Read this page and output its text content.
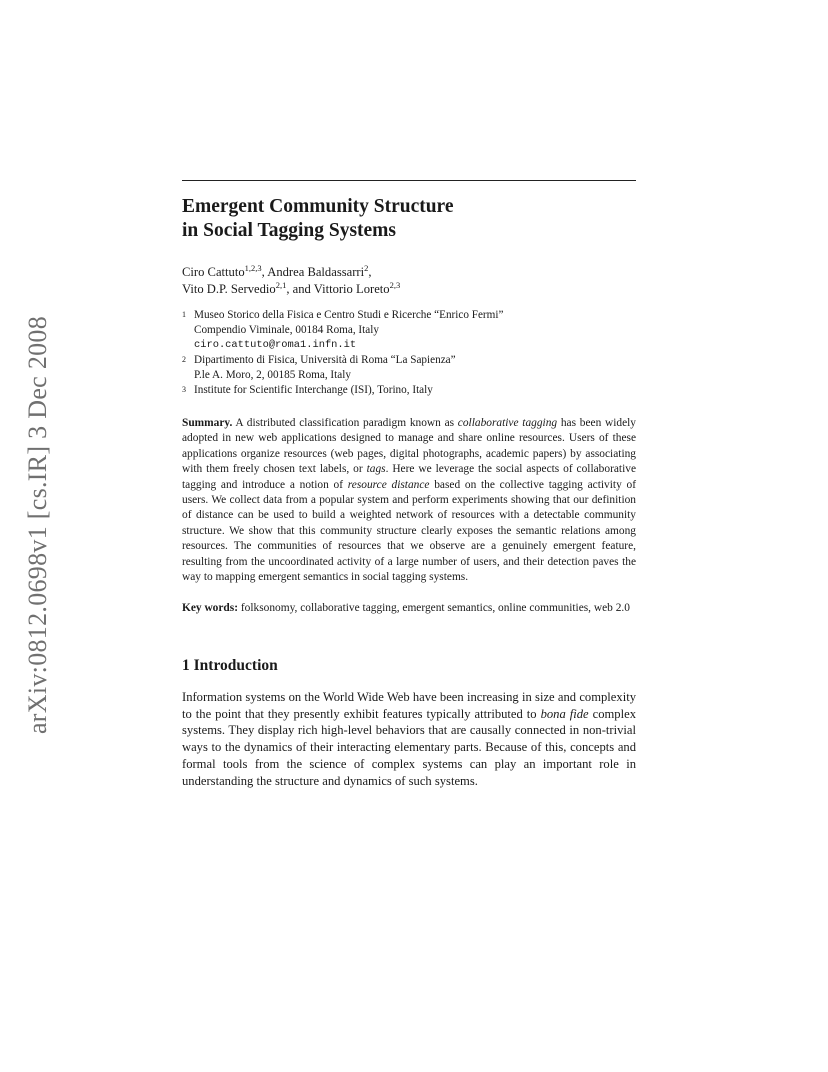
arXiv:0812.0698v1 [cs.IR] 3 Dec 2008
Emergent Community Structure
in Social Tagging Systems
Ciro Cattuto$^{1,2,3}$, Andrea Baldassarri$^2$,
Vito D.P. Servedio$^{2,1}$, and Vittorio Loreto$^{2,3}$
1 Museo Storico della Fisica e Centro Studi e Ricerche “Enrico Fermi”
Compendio Viminale, 00184 Roma, Italy
ciro.cattuto@roma1.infn.it
2 Dipartimento di Fisica, Università di Roma “La Sapienza”
P.le A. Moro, 2, 00185 Roma, Italy
3 Institute for Scientific Interchange (ISI), Torino, Italy
Summary. A distributed classification paradigm known as collaborative tagging has been widely adopted in new web applications designed to manage and share online resources. Users of these applications organize resources (web pages, digital photographs, academic papers) by associating with them freely chosen text labels, or tags. Here we leverage the social aspects of collaborative tagging and introduce a notion of resource distance based on the collective tagging activity of users. We collect data from a popular system and perform experiments showing that our definition of distance can be used to build a weighted network of resources with a detectable community structure. We show that this community structure clearly exposes the semantic relations among resources. The communities of resources that we observe are a genuinely emergent feature, resulting from the uncoordinated activity of a large number of users, and their detection paves the way to mapping emergent semantics in social tagging systems.
Key words: folksonomy, collaborative tagging, emergent semantics, online communities, web 2.0
1 Introduction
Information systems on the World Wide Web have been increasing in size and complexity to the point that they presently exhibit features typically attributed to bona fide complex systems. They display rich high-level behaviors that are causally connected in non-trivial ways to the dynamics of their interacting elementary parts. Because of this, concepts and formal tools from the science of complex systems can play an important role in understanding the structure and dynamics of such systems.
